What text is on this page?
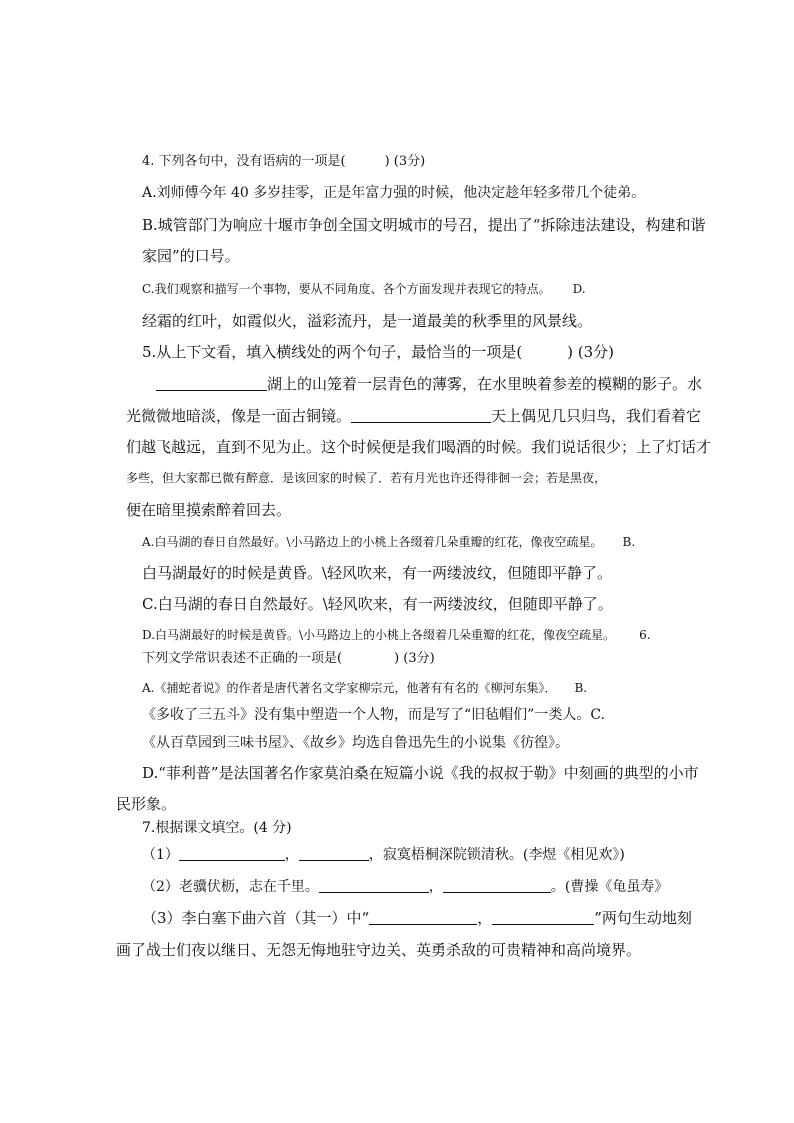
4. 下列各句中，没有语病的一项是(　　　) (3分)
A.刘师傅今年 40 多岁挂零，正是年富力强的时候，他决定趁年轻多带几个徒弟。
B.城管部门为响应十堰市争创全国文明城市的号召，提出了“拆除违法建设，构建和谐
家园”的口号。
C.我们观察和描写一个事物，要从不同角度、各个方面发现并表现它的特点。 D.
经霜的红叶，如霞似火，溢彩流丹，是一道最美的秋季里的风景线。
5.从上下文看，填入横线处的两个句子，最恰当的一项是(　　　) (3分)
湖上的山笼着一层青色的薄雾，在水里映着参差的模糊的影子。水
光微微地暗淡，像是一面古铜镜。	天上偶见几只归鸟，我们看着它
们越飞越远，直到不见为止。这个时候便是我们喝酒的时候。我们说话很少；上了灯话才
多些，但大家都已微有醉意．是该回家的时候了．若有月光也许还得徘徊一会；若是黑夜，
便在暗里摸索醉着回去。
A.白马湖的春日自然最好。\小马路边上的小桃上各缀着几朵重瓣的红花，像夜空疏星。 B.
白马湖最好的时候是黄昏。\轻风吹来，有一两缕波纹，但随即平静了。
C.白马湖的春日自然最好。\轻风吹来，有一两缕波纹，但随即平静了。
D.白马湖最好的时候是黄昏。\小马路边上的小桃上各缀着几朵重瓣的红花，像夜空疏星。 6.
下列文学常识表述不正确的一项是(　　　　) (3分)
A.《捕蛇者说》的作者是唐代著名文学家柳宗元，他著有有名的《柳河东集》． B.
《多收了三五斗》没有集中塑造一个人物，而是写了“旧毡帽们”一类人。C.
《从百草园到三味书屋》、《故乡》均选自鲁迅先生的小说集《彷徨》。
D.“菲利普”是法国著名作家莫泊桑在短篇小说《我的叔叔于勒》中刻画的典型的小市
民形象。
7.根据课文填空。(4 分)
（1）	，	，寂寞梧桐深院锁清秋。(李煜《相见欢》)
（2）老骥伏枥，志在千里。	，	。(曹操《龟虽寿》
（3）李白塞下曲六首（其一）中“	，	”两句生动地刻
画了战士们夜以继日、无怨无悔地驻守边关、英勇杀敌的可贵精神和高尚境界。
